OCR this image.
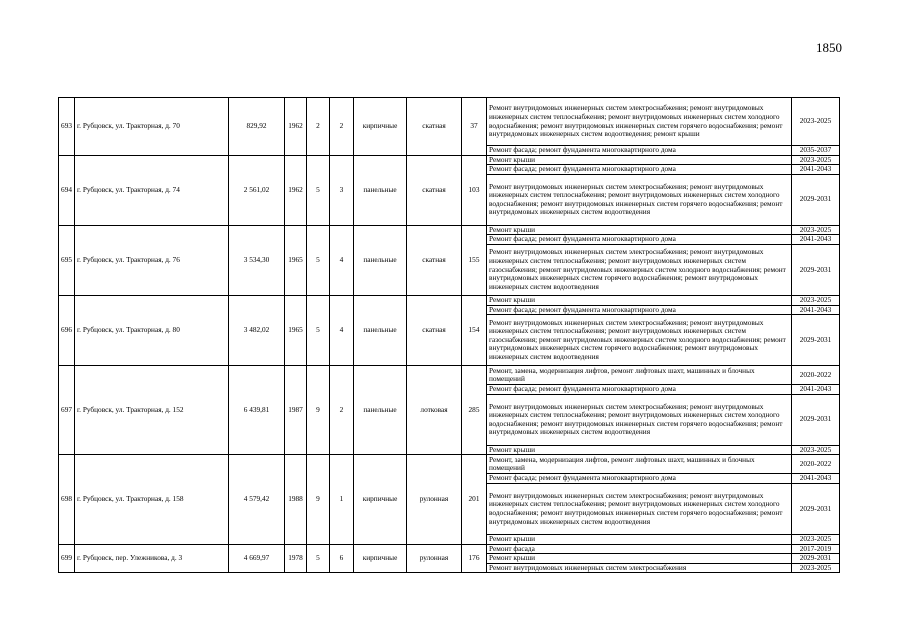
1850
693	г. Рубцовск, ул. Тракторная, д. 70	829,92	1962	2	2	кирпичные	скатная	37	Ремонт внутридомовых инженерных систем электроснабжения; ремонт внутридомовых инженерных систем теплоснабжения; ремонт внутридомовых инженерных систем холодного водоснабжения; ремонт внутридомовых инженерных систем горячего водоснабжения; ремонт внутридомовых инженерных систем водоотведения; ремонт крыши	2023-2025
									Ремонт фасада; ремонт фундамента многоквартирного дома	2035-2037
694	г. Рубцовск, ул. Тракторная, д. 74	2 561,02	1962	5	3	панельные	скатная	103	Ремонт крыши	2023-2025
									Ремонт фасада; ремонт фундамента многоквартирного дома	2041-2043
									Ремонт внутридомовых инженерных систем электроснабжения; ремонт внутридомовых инженерных систем теплоснабжения; ремонт внутридомовых инженерных систем холодного водоснабжения; ремонт внутридомовых инженерных систем горячего водоснабжения; ремонт внутридомовых инженерных систем водоотведения	2029-2031
695	г. Рубцовск, ул. Тракторная, д. 76	3 534,30	1965	5	4	панельные	скатная	155	Ремонт крыши	2023-2025
									Ремонт фасада; ремонт фундамента многоквартирного дома	2041-2043
									Ремонт внутридомовых инженерных систем электроснабжения; ремонт внутридомовых инженерных систем теплоснабжения; ремонт внутридомовых инженерных систем газоснабжения; ремонт внутридомовых инженерных систем холодного водоснабжения; ремонт внутридомовых инженерных систем горячего водоснабжения; ремонт внутридомовых инженерных систем водоотведения	2029-2031
696	г. Рубцовск, ул. Тракторная, д. 80	3 482,02	1965	5	4	панельные	скатная	154	Ремонт крыши	2023-2025
									Ремонт фасада; ремонт фундамента многоквартирного дома	2041-2043
									Ремонт внутридомовых инженерных систем электроснабжения; ремонт внутридомовых инженерных систем теплоснабжения; ремонт внутридомовых инженерных систем газоснабжения; ремонт внутридомовых инженерных систем холодного водоснабжения; ремонт внутридомовых инженерных систем горячего водоснабжения; ремонт внутридомовых инженерных систем водоотведения	2029-2031
697	г. Рубцовск, ул. Тракторная, д. 152	6 439,81	1987	9	2	панельные	лотковая	285	Ремонт, замена, модернизация лифтов, ремонт лифтовых шахт, машинных и блочных помещений	2020-2022
									Ремонт фасада; ремонт фундамента многоквартирного дома	2041-2043
									Ремонт внутридомовых инженерных систем электроснабжения; ремонт внутридомовых инженерных систем теплоснабжения; ремонт внутридомовых инженерных систем холодного водоснабжения; ремонт внутридомовых инженерных систем горячего водоснабжения; ремонт внутридомовых инженерных систем водоотведения	2029-2031
									Ремонт крыши	2023-2025
698	г. Рубцовск, ул. Тракторная, д. 158	4 579,42	1988	9	1	кирпичные	рулонная	201	Ремонт, замена, модернизация лифтов, ремонт лифтовых шахт, машинных и блочных помещений	2020-2022
									Ремонт фасада; ремонт фундамента многоквартирного дома	2041-2043
									Ремонт внутридомовых инженерных систем электроснабжения; ремонт внутридомовых инженерных систем теплоснабжения; ремонт внутридомовых инженерных систем холодного водоснабжения; ремонт внутридомовых инженерных систем горячего водоснабжения; ремонт внутридомовых инженерных систем водоотведения	2029-2031
									Ремонт крыши	2023-2025
699	г. Рубцовск, пер. Улежникова, д. 3	4 669,97	1978	5	6	кирпичные	рулонная	176	Ремонт фасада	2017-2019
									Ремонт крыши	2029-2031
									Ремонт внутридомовых инженерных систем электроснабжения	2023-2025
